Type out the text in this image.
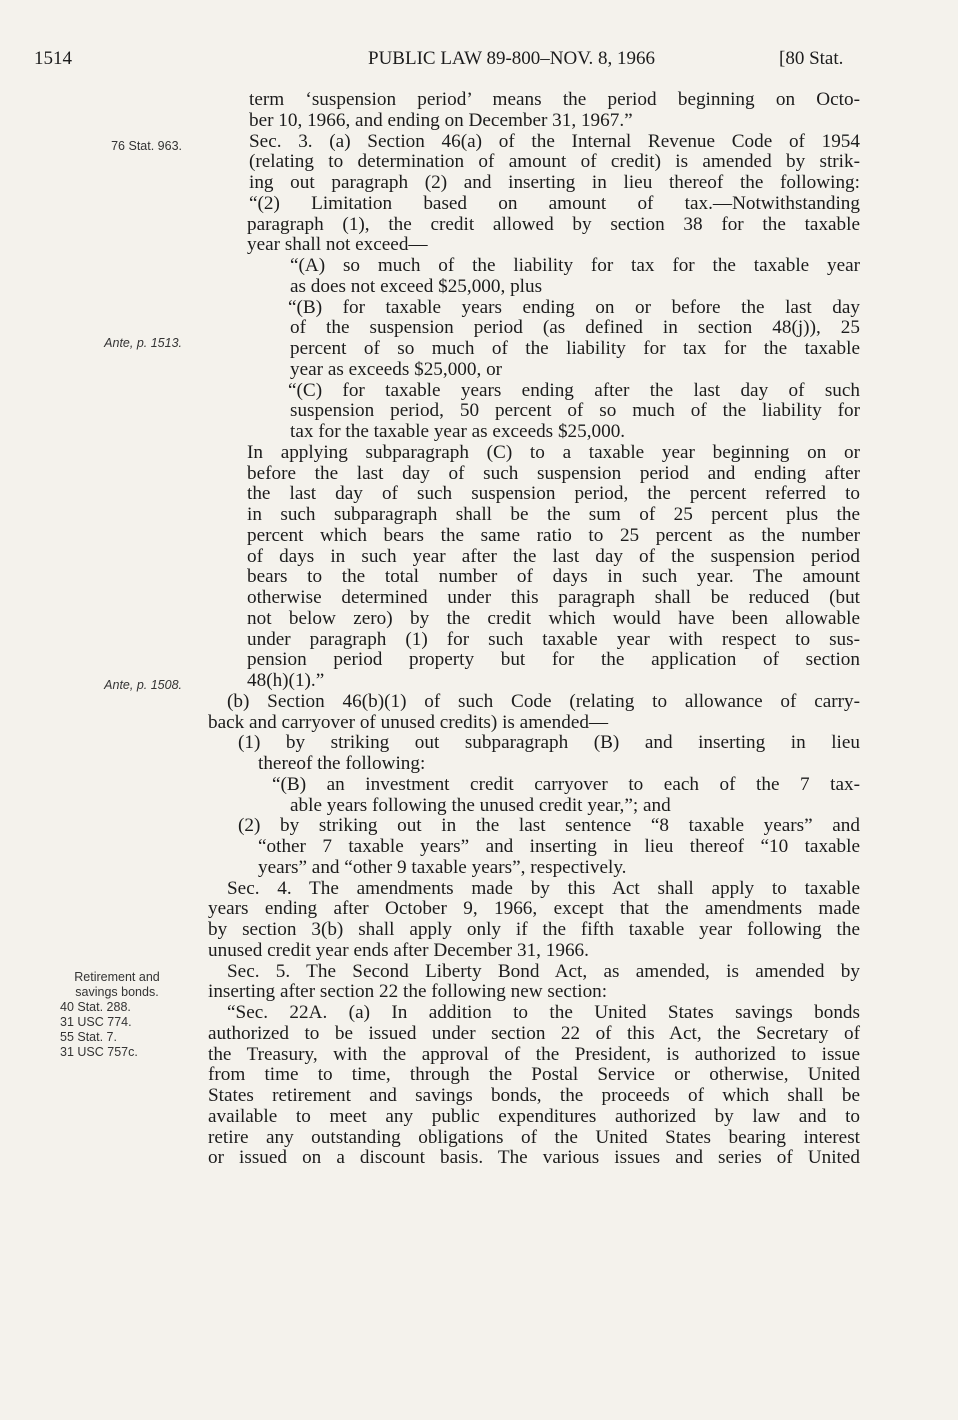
1514	PUBLIC LAW 89-800–NOV. 8, 1966	[80 Stat.
76 Stat. 963.
Ante, p. 1513.
Ante, p. 1508.
Retirement and
savings bonds.
40 Stat. 288.
31 USC 774.
55 Stat. 7.
31 USC 757c.
term ‘suspension period’ means the period beginning on Octo-
ber 10, 1966, and ending on December 31, 1967.”
Sec. 3. (a) Section 46(a) of the Internal Revenue Code of 1954
(relating to determination of amount of credit) is amended by strik-
ing out paragraph (2) and inserting in lieu thereof the following:
“(2) Limitation based on amount of tax.—Notwithstanding
paragraph (1), the credit allowed by section 38 for the taxable
year shall not exceed—
“(A) so much of the liability for tax for the taxable year
as does not exceed $25,000, plus
“(B) for taxable years ending on or before the last day
of the suspension period (as defined in section 48(j)), 25
percent of so much of the liability for tax for the taxable
year as exceeds $25,000, or
“(C) for taxable years ending after the last day of such
suspension period, 50 percent of so much of the liability for
tax for the taxable year as exceeds $25,000.
In applying subparagraph (C) to a taxable year beginning on or
before the last day of such suspension period and ending after
the last day of such suspension period, the percent referred to
in such subparagraph shall be the sum of 25 percent plus the
percent which bears the same ratio to 25 percent as the number
of days in such year after the last day of the suspension period
bears to the total number of days in such year. The amount
otherwise determined under this paragraph shall be reduced (but
not below zero) by the credit which would have been allowable
under paragraph (1) for such taxable year with respect to sus-
pension period property but for the application of section
48(h)(1).”
(b) Section 46(b)(1) of such Code (relating to allowance of carry-
back and carryover of unused credits) is amended—
(1) by striking out subparagraph (B) and inserting in lieu
thereof the following:
“(B) an investment credit carryover to each of the 7 tax-
able years following the unused credit year,”; and
(2) by striking out in the last sentence “8 taxable years” and
“other 7 taxable years” and inserting in lieu thereof “10 taxable
years” and “other 9 taxable years”, respectively.
Sec. 4. The amendments made by this Act shall apply to taxable
years ending after October 9, 1966, except that the amendments made
by section 3(b) shall apply only if the fifth taxable year following the
unused credit year ends after December 31, 1966.
Sec. 5. The Second Liberty Bond Act, as amended, is amended by
inserting after section 22 the following new section:
“Sec. 22A. (a) In addition to the United States savings bonds
authorized to be issued under section 22 of this Act, the Secretary of
the Treasury, with the approval of the President, is authorized to issue
from time to time, through the Postal Service or otherwise, United
States retirement and savings bonds, the proceeds of which shall be
available to meet any public expenditures authorized by law and to
retire any outstanding obligations of the United States bearing interest
or issued on a discount basis. The various issues and series of United
